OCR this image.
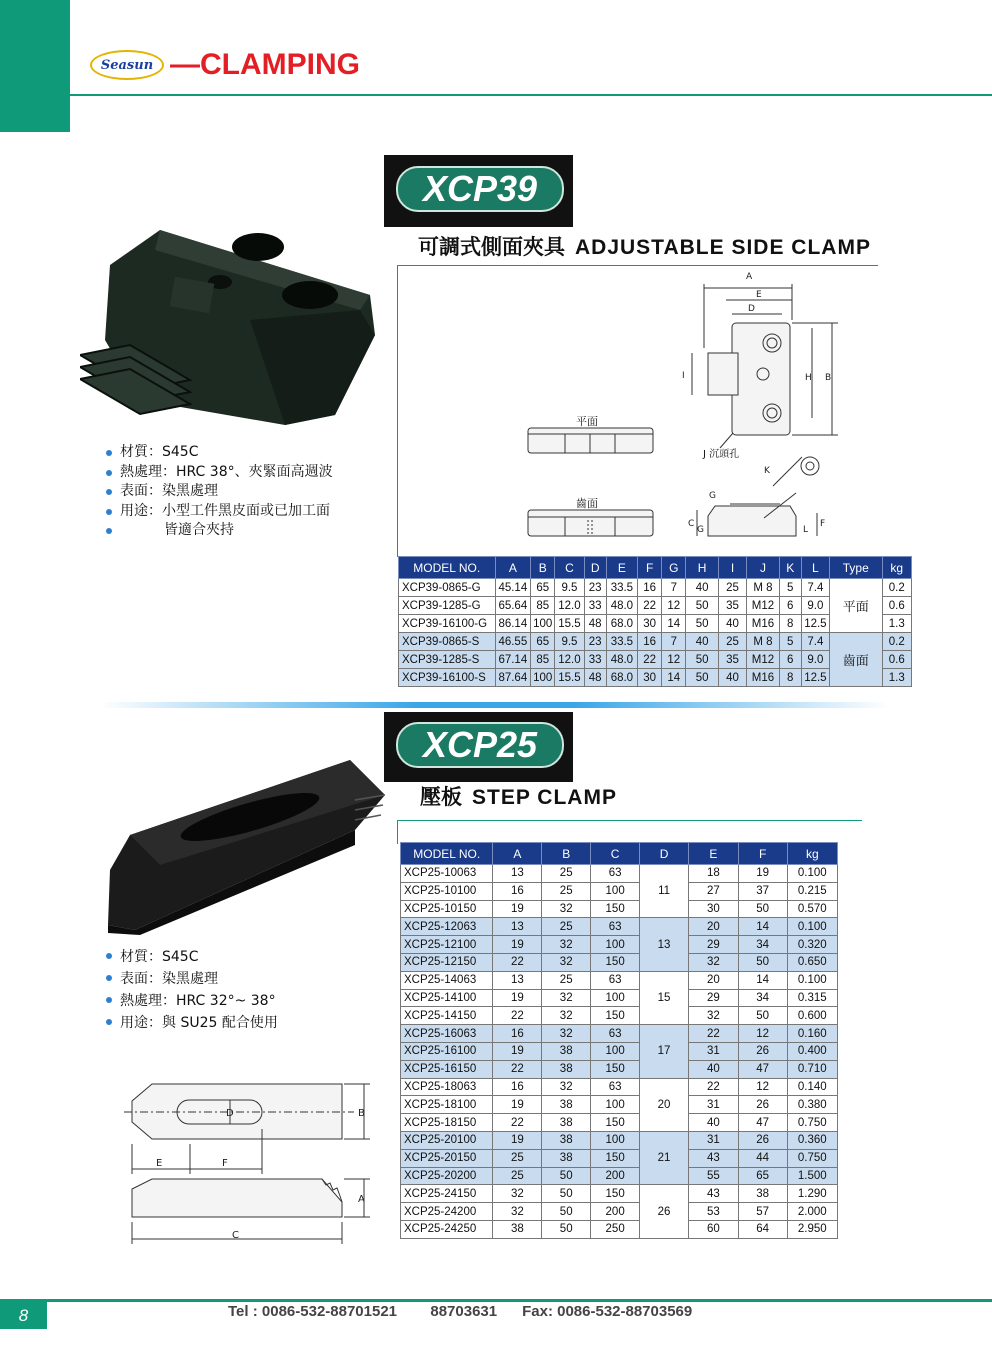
Seasun —CLAMPING
XCP39
可調式側面夾具 ADJUSTABLE SIDE CLAMP
材質：S45C
熱處理：HRC 38°、夾緊面高週波
表面：染黑處理
用途：小型工件黑皮面或已加工面
皆適合夾持
A
E
D
I	H B
K
G
C
G
F
L
平面
齒面
J 沉頭孔
MODEL NO.	A	B	C	D	E	F	G	H	I	J	K	L	Type	kg
XCP39-0865-G	45.14	65	9.5	23	33.5	16	7	40	25	M 8	5	7.4	平面	0.2
XCP39-1285-G	65.64	85	12.0	33	48.0	22	12	50	35	M12	6	9.0		0.6
XCP39-16100-G	86.14	100	15.5	48	68.0	30	14	50	40	M16	8	12.5		1.3
XCP39-0865-S	46.55	65	9.5	23	33.5	16	7	40	25	M 8	5	7.4	齒面	0.2
XCP39-1285-S	67.14	85	12.0	33	48.0	22	12	50	35	M12	6	9.0		0.6
XCP39-16100-S	87.64	100	15.5	48	68.0	30	14	50	40	M16	8	12.5		1.3
XCP25
壓板 STEP CLAMP
材質：S45C
表面：染黑處理
熱處理：HRC 32°~ 38°
用途：與 SU25 配合使用
D	B
E	F
A
C
MODEL NO.	A	B	C	D	E	F	kg
XCP25-10063	13	25	63	11	18	19	0.100
XCP25-10100	16	25	100		27	37	0.215
XCP25-10150	19	32	150		30	50	0.570
XCP25-12063	13	25	63	13	20	14	0.100
XCP25-12100	19	32	100		29	34	0.320
XCP25-12150	22	32	150		32	50	0.650
XCP25-14063	13	25	63	15	20	14	0.100
XCP25-14100	19	32	100		29	34	0.315
XCP25-14150	22	32	150		32	50	0.600
XCP25-16063	16	32	63	17	22	12	0.160
XCP25-16100	19	38	100		31	26	0.400
XCP25-16150	22	38	150		40	47	0.710
XCP25-18063	16	32	63	20	22	12	0.140
XCP25-18100	19	38	100		31	26	0.380
XCP25-18150	22	38	150		40	47	0.750
XCP25-20100	19	38	100	21	31	26	0.360
XCP25-20150	25	38	150		43	44	0.750
XCP25-20200	25	50	200		55	65	1.500
XCP25-24150	32	50	150	26	43	38	1.290
XCP25-24200	32	50	200		53	57	2.000
XCP25-24250	38	50	250		60	64	2.950
8	Tel : 0086-532-88701521        88703631      Fax: 0086-532-88703569
